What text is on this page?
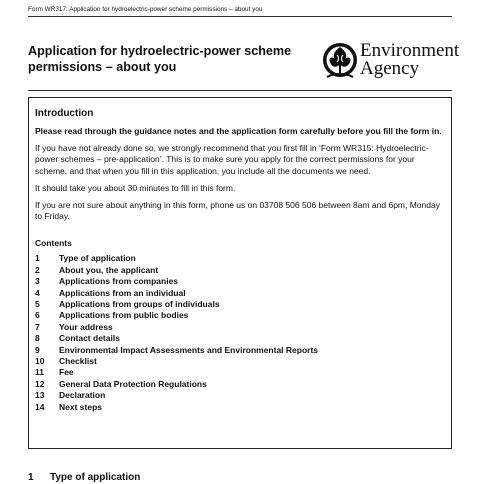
Form WR317: Application for hydroelectric-power scheme permissions – about you
Application for hydroelectric-power scheme permissions – about you
Environment
Agency
Introduction

Please read through the guidance notes and the application form carefully before you fill the form in.

If you have not already done so, we strongly recommend that you first fill in ‘Form WR315: Hydroelectric-power schemes – pre-application’. This is to make sure you apply for the correct permissions for your scheme, and that when you fill in this application, you include all the documents we need.

It should take you about 30 minutes to fill in this form.

If you are not sure about anything in this form, phone us on 03708 506 506 between 8am and 6pm, Monday to Friday.

Contents
1	Type of application
2	About you, the applicant
3	Applications from companies
4	Applications from an individual
5	Applications from groups of individuals
6	Applications from public bodies
7	Your address
8	Contact details
9	Environmental Impact Assessments and Environmental Reports
10	Checklist
11	Fee
12	General Data Protection Regulations
13	Declaration
14	Next steps
1	Type of application
